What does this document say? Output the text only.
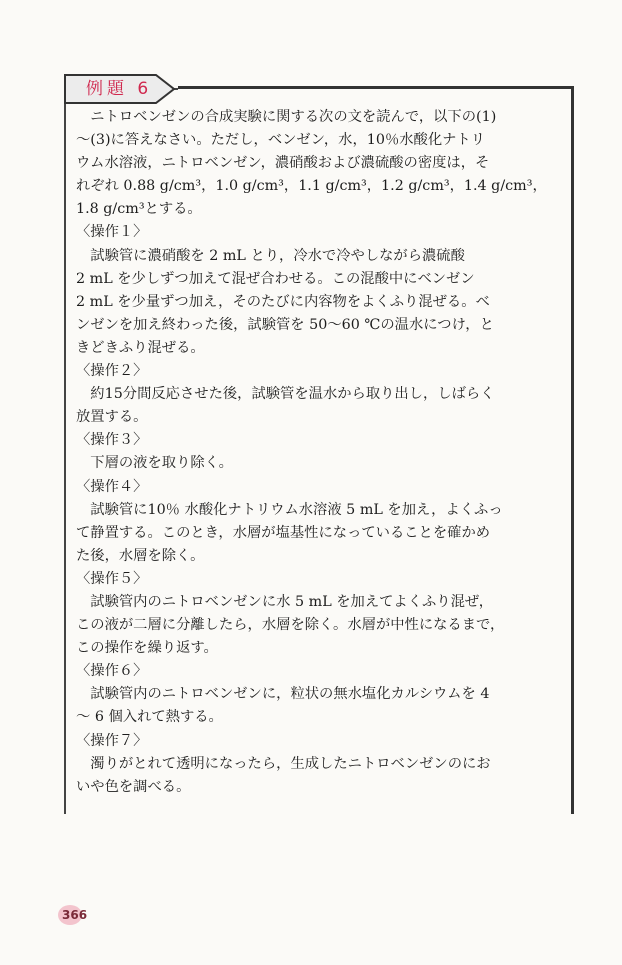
例題 6

ニトロベンゼンの合成実験に関する次の文を読んで，以下の(1)

〜(3)に答えなさい。ただし，ベンゼン，水，10％水酸化ナトリ

ウム水溶液，ニトロベンゼン，濃硝酸および濃硫酸の密度は，そ

れぞれ 0.88 g/cm³，1.0 g/cm³，1.1 g/cm³，1.2 g/cm³，1.4 g/cm³，

1.8 g/cm³とする。

〈操作１〉

試験管に濃硝酸を 2 mL とり，冷水で冷やしながら濃硫酸

2 mL を少しずつ加えて混ぜ合わせる。この混酸中にベンゼン

2 mL を少量ずつ加え，そのたびに内容物をよくふり混ぜる。ベ

ンゼンを加え終わった後，試験管を 50〜60 ℃の温水につけ，と

きどきふり混ぜる。

〈操作２〉

約15分間反応させた後，試験管を温水から取り出し，しばらく

放置する。

〈操作３〉

下層の液を取り除く。

〈操作４〉

試験管に10％ 水酸化ナトリウム水溶液 5 mL を加え，よくふっ

て静置する。このとき，水層が塩基性になっていることを確かめ

た後，水層を除く。

〈操作５〉

試験管内のニトロベンゼンに水 5 mL を加えてよくふり混ぜ，

この液が二層に分離したら，水層を除く。水層が中性になるまで，

この操作を繰り返す。

〈操作６〉

試験管内のニトロベンゼンに，粒状の無水塩化カルシウムを 4

〜 6 個入れて熱する。

〈操作７〉

濁りがとれて透明になったら，生成したニトロベンゼンのにお

いや色を調べる。

366
